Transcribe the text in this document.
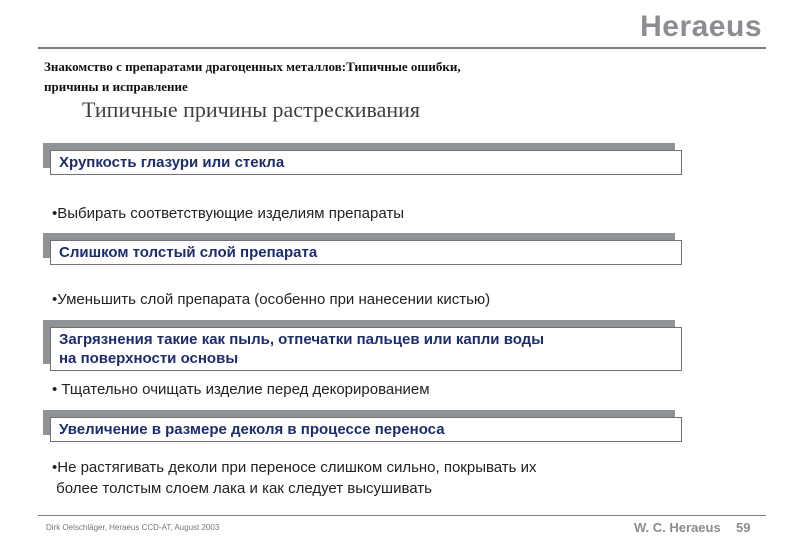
Heraeus
Знакомство с препаратами драгоценных металлов:Типичные ошибки,
причины и исправление
Типичные причины растрескивания
Хрупкость глазури или стекла
•Выбирать соответствующие изделиям препараты
Слишком толстый слой препарата
•Уменьшить слой препарата (особенно при нанесении кистью)
Загрязнения такие как пыль, отпечатки пальцев или капли воды
на поверхности основы
• Тщательно очищать изделие перед декорированием
Увеличение в размере деколя в процессе переноса
•Не растягивать деколи при переносе слишком сильно, покрывать их
более толстым слоем лака и как следует высушивать
Dirk Oelschläger, Heraeus CCD-AT, August 2003	W. C. Heraeus 59
